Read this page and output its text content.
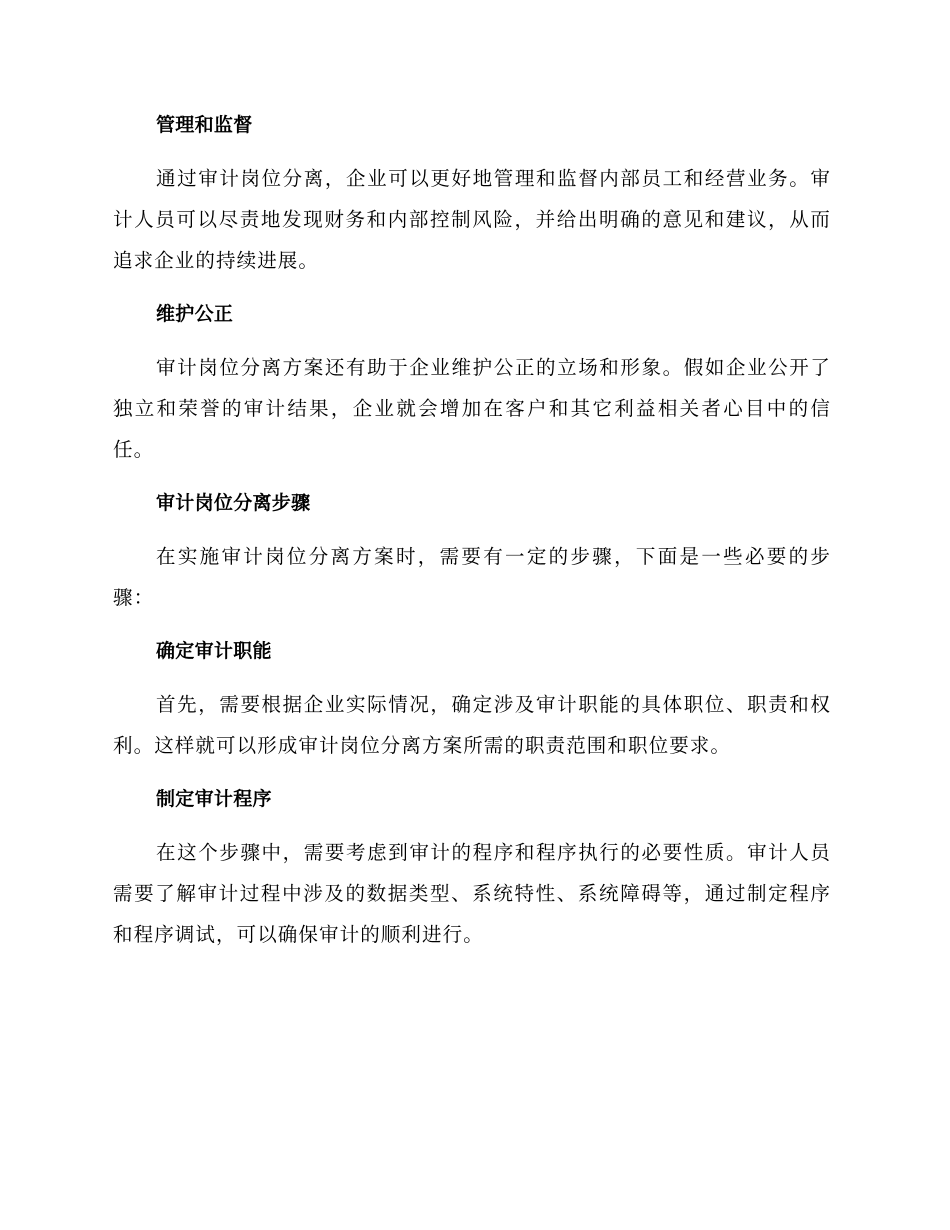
管理和监督

通过审计岗位分离，企业可以更好地管理和监督内部员工和经营业务。审计人员可以尽责地发现财务和内部控制风险，并给出明确的意见和建议，从而追求企业的持续进展。

维护公正

审计岗位分离方案还有助于企业维护公正的立场和形象。假如企业公开了独立和荣誉的审计结果，企业就会增加在客户和其它利益相关者心目中的信任。

审计岗位分离步骤

在实施审计岗位分离方案时，需要有一定的步骤，下面是一些必要的步骤：

确定审计职能

首先，需要根据企业实际情况，确定涉及审计职能的具体职位、职责和权利。这样就可以形成审计岗位分离方案所需的职责范围和职位要求。

制定审计程序

在这个步骤中，需要考虑到审计的程序和程序执行的必要性质。审计人员需要了解审计过程中涉及的数据类型、系统特性、系统障碍等，通过制定程序和程序调试，可以确保审计的顺利进行。
